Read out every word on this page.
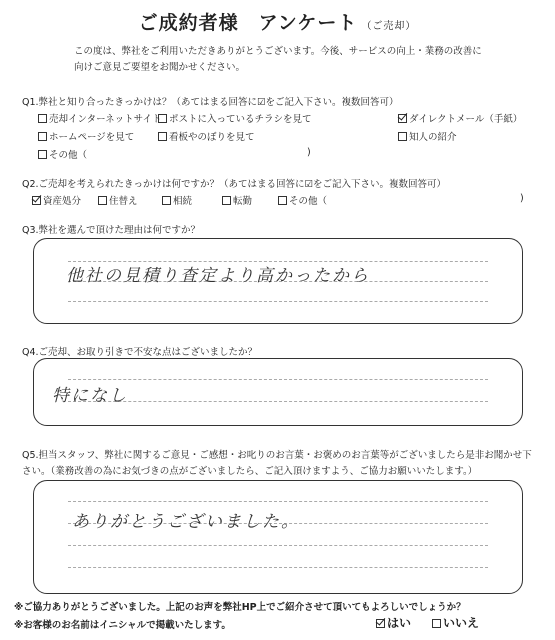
ご成約者様　アンケート （ご売却）
この度は、弊社をご利用いただきありがとうございます。今後、サービスの向上・業務の改善に
向けご意見ご要望をお聞かせください。
Q1.弊社と知り合ったきっかけは？（あてはまる回答に☑をご記入下さい。複数回答可）
売却インターネットサイト ポストに入っているチラシを見て	ダイレクトメール（手紙）
ホームページを見て	看板やのぼりを見て	知人の紹介
その他（	)
Q2.ご売却を考えられたきっかけは何ですか？（あてはまる回答に☑をご記入下さい。複数回答可）
資産処分	住替え	相続	転勤	その他（	)
Q3.弊社を選んで頂けた理由は何ですか？
他社の見積り査定より高かったから
Q4.ご売却、お取り引きで不安な点はございましたか？
特になし
Q5.担当スタッフ、弊社に関するご意見・ご感想・お叱りのお言葉・お褒めのお言葉等がございましたら是非お聞かせ下
さい。（業務改善の為にお気づきの点がございましたら、ご記入頂けますよう、ご協力お願いいたします。）
ありがとうございました。
※ご協力ありがとうございました。上記のお声を弊社HP上でご紹介させて頂いてもよろしいでしょうか？
※お客様のお名前はイニシャルで掲載いたします。	はい	いいえ
